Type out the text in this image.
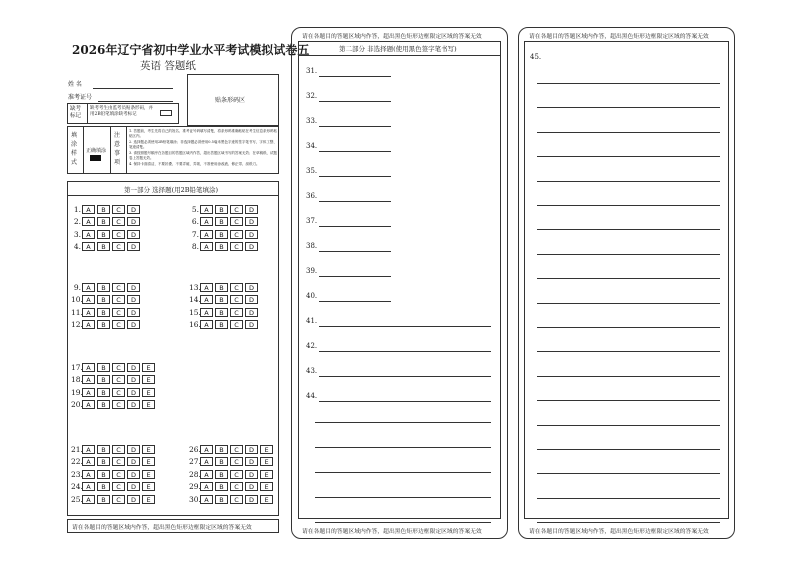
2026年辽宁省初中学业水平考试模拟试卷五
英语 答题纸
姓 名
准考证号	贴条形码区
缺考标记
缺考考生由监考员贴条形码，并用2B铅笔填涂缺考标记
填涂样式
正确填涂
注意事项
1. 答题前，考生先将自己的姓名、准考证号码填写清楚，将条形码准确粘贴在考生信息条形码粘贴区内。
2. 选择题必须使用2B铅笔填涂；非选择题必须使用0.5毫米黑色字迹的签字笔书写，字体工整、笔迹清楚。
3. 请按照题号顺序在各题目的答题区域内作答，超出答题区域书写的答案无效；在草稿纸、试题卷上答题无效。
4. 保持卡面清洁，不要折叠、不要弄破、弄皱，不准使用涂改液、修正带、刮纸刀。
第一部分 选择题(用2B铅笔填涂)
1. A B C D
2. A B C D
3. A B C D
4. A B C D
5. A B C D
6. A B C D
7. A B C D
8. A B C D
9. A B C D
10. A B C D
11. A B C D
12. A B C D
13. A B C D
14. A B C D
15. A B C D
16. A B C D
17. A B C D E
18. A B C D E
19. A B C D E
20. A B C D E
21. A B C D E
22. A B C D E
23. A B C D E
24. A B C D E
25. A B C D E
26. A B C D E
27. A B C D E
28. A B C D E
29. A B C D E
30. A B C D E
请在各题目的答题区域内作答，超出黑色矩形边框限定区域的答案无效
请在各题目的答题区域内作答，超出黑色矩形边框限定区域的答案无效
请在各题目的答题区域内作答，超出黑色矩形边框限定区域的答案无效
第二部分 非选择题(使用黑色签字笔书写)
31.
32.
33.
34.
35.
36.
37.
38.
39.
40.
41.
42.
43.
44.
请在各题目的答题区域内作答，超出黑色矩形边框限定区域的答案无效
请在各题目的答题区域内作答，超出黑色矩形边框限定区域的答案无效
45.
